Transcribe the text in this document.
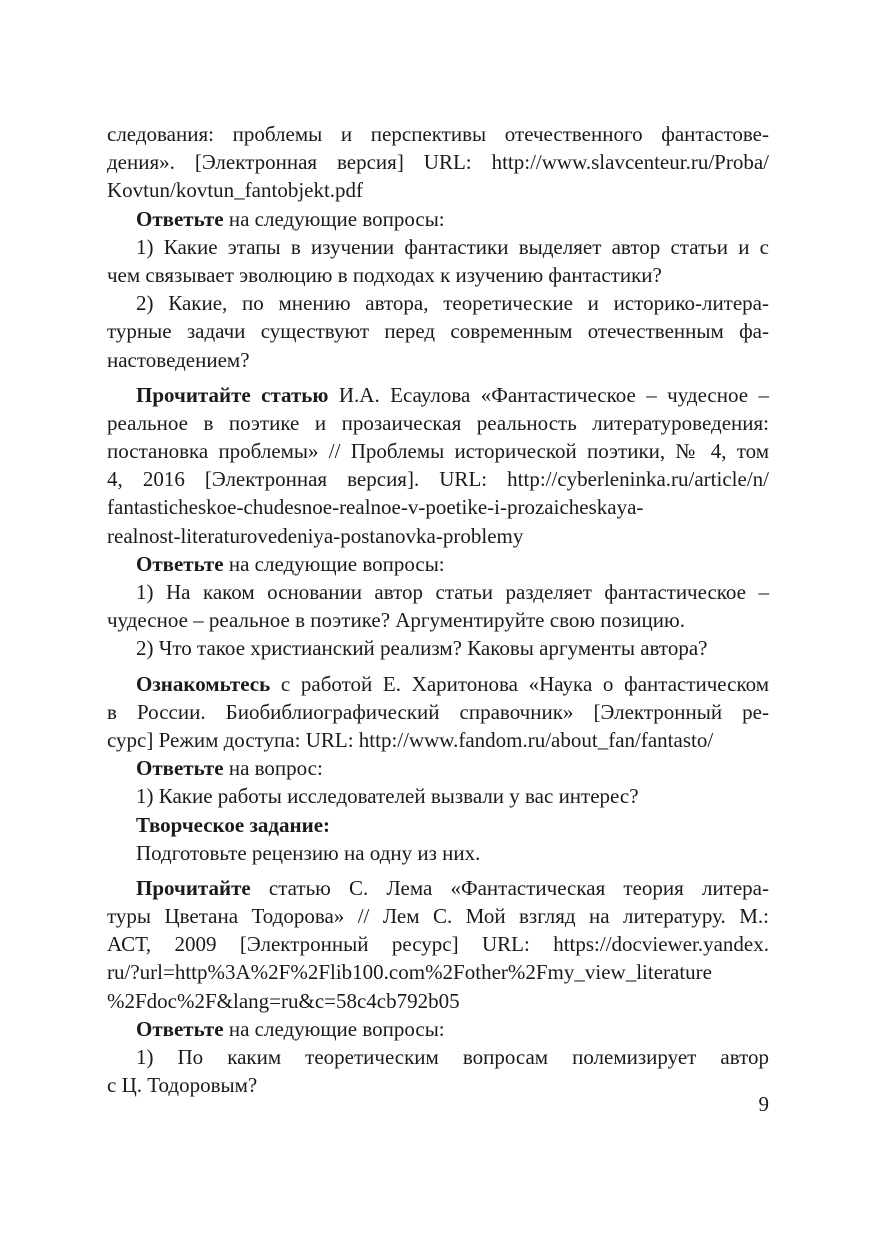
следования: проблемы и перспективы отечественного фантастове-
дения». [Электронная версия] URL: http://www.slavcenteur.ru/Proba/
Kovtun/kovtun_fantobjekt.pdf
Ответьте на следующие вопросы:
1) Какие этапы в изучении фантастики выделяет автор статьи и с
чем связывает эволюцию в подходах к изучению фантастики?
2) Какие, по мнению автора, теоретические и историко-литера-
турные задачи существуют перед современным отечественным фа-
настоведением?
Прочитайте статью И.А. Есаулова «Фантастическое – чудесное –
реальное в поэтике и прозаическая реальность литературоведения:
постановка проблемы» // Проблемы исторической поэтики, № 4, том
4, 2016 [Электронная версия]. URL: http://cyberleninka.ru/article/n/
fantasticheskoe-chudesnoe-realnoe-v-poetike-i-prozaicheskaya-
realnost-literaturovedeniya-postanovka-problemy
Ответьте на следующие вопросы:
1) На каком основании автор статьи разделяет фантастическое –
чудесное – реальное в поэтике? Аргументируйте свою позицию.
2) Что такое христианский реализм? Каковы аргументы автора?
Ознакомьтесь с работой Е. Харитонова «Наука о фантастическом
в России. Биобиблиографический справочник» [Электронный ре-
сурс] Режим доступа: URL: http://www.fandom.ru/about_fan/fantasto/
Ответьте на вопрос:
1) Какие работы исследователей вызвали у вас интерес?
Творческое задание:
Подготовьте рецензию на одну из них.
Прочитайте статью С. Лема «Фантастическая теория литера-
туры Цветана Тодорова» // Лем С. Мой взгляд на литературу. М.:
АСТ, 2009 [Электронный ресурс] URL: https://docviewer.yandex.
ru/?url=http%3A%2F%2Flib100.com%2Fother%2Fmy_view_literature
%2Fdoc%2F&lang=ru&c=58c4cb792b05
Ответьте на следующие вопросы:
1) По каким теоретическим вопросам полемизирует автор
с Ц. Тодоровым?
9
